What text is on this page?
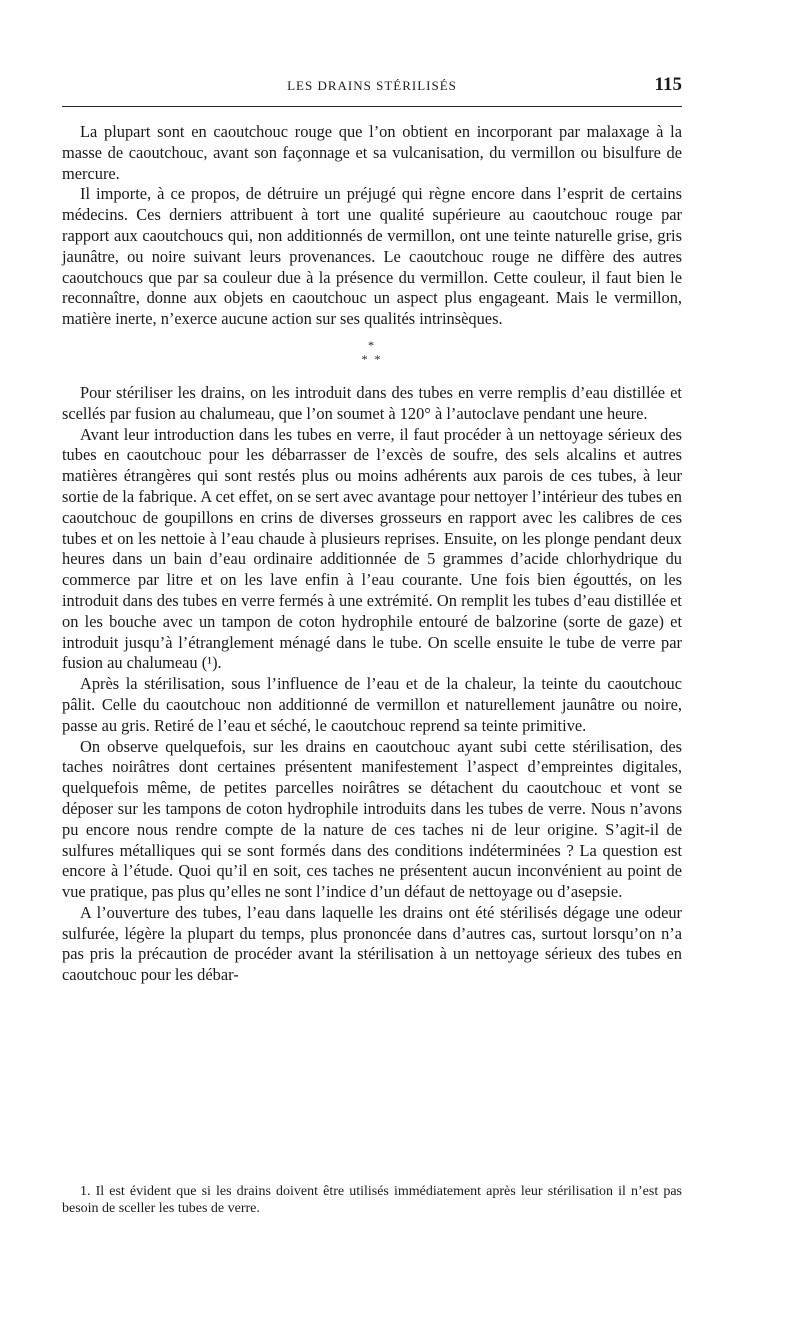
LES DRAINS STÉRILISÉS	115

La plupart sont en caoutchouc rouge que l’on obtient en incorporant par malaxage à la masse de caoutchouc, avant son façonnage et sa vulcanisation, du vermillon ou bisulfure de mercure.

Il importe, à ce propos, de détruire un préjugé qui règne encore dans l’esprit de certains médecins. Ces derniers attribuent à tort une qualité supérieure au caoutchouc rouge par rapport aux caoutchoucs qui, non additionnés de vermillon, ont une teinte naturelle grise, gris jaunâtre, ou noire suivant leurs provenances. Le caoutchouc rouge ne diffère des autres caoutchoucs que par sa couleur due à la présence du vermillon. Cette couleur, il faut bien le reconnaître, donne aux objets en caoutchouc un aspect plus engageant. Mais le vermillon, matière inerte, n’exerce aucune action sur ses qualités intrinsèques.

*
* *

Pour stériliser les drains, on les introduit dans des tubes en verre remplis d’eau distillée et scellés par fusion au chalumeau, que l’on soumet à 120° à l’autoclave pendant une heure.

Avant leur introduction dans les tubes en verre, il faut procéder à un nettoyage sérieux des tubes en caoutchouc pour les débarrasser de l’excès de soufre, des sels alcalins et autres matières étrangères qui sont restés plus ou moins adhérents aux parois de ces tubes, à leur sortie de la fabrique. A cet effet, on se sert avec avantage pour nettoyer l’intérieur des tubes en caoutchouc de goupillons en crins de diverses grosseurs en rapport avec les calibres de ces tubes et on les nettoie à l’eau chaude à plusieurs reprises. Ensuite, on les plonge pendant deux heures dans un bain d’eau ordinaire additionnée de 5 grammes d’acide chlorhydrique du commerce par litre et on les lave enfin à l’eau courante. Une fois bien égouttés, on les introduit dans des tubes en verre fermés à une extrémité. On remplit les tubes d’eau distillée et on les bouche avec un tampon de coton hydrophile entouré de balzorine (sorte de gaze) et introduit jusqu’à l’étranglement ménagé dans le tube. On scelle ensuite le tube de verre par fusion au chalumeau (¹).

Après la stérilisation, sous l’influence de l’eau et de la chaleur, la teinte du caoutchouc pâlit. Celle du caoutchouc non additionné de vermillon et naturellement jaunâtre ou noire, passe au gris. Retiré de l’eau et séché, le caoutchouc reprend sa teinte primitive.

On observe quelquefois, sur les drains en caoutchouc ayant subi cette stérilisation, des taches noirâtres dont certaines présentent manifestement l’aspect d’empreintes digitales, quelquefois même, de petites parcelles noirâtres se détachent du caoutchouc et vont se déposer sur les tampons de coton hydrophile introduits dans les tubes de verre. Nous n’avons pu encore nous rendre compte de la nature de ces taches ni de leur origine. S’agit-il de sulfures métalliques qui se sont formés dans des conditions indéterminées ? La question est encore à l’étude. Quoi qu’il en soit, ces taches ne présentent aucun inconvénient au point de vue pratique, pas plus qu’elles ne sont l’indice d’un défaut de nettoyage ou d’asepsie.

A l’ouverture des tubes, l’eau dans laquelle les drains ont été stérilisés dégage une odeur sulfurée, légère la plupart du temps, plus prononcée dans d’autres cas, surtout lorsqu’on n’a pas pris la précaution de procéder avant la stérilisation à un nettoyage sérieux des tubes en caoutchouc pour les débar-

1. Il est évident que si les drains doivent être utilisés immédiatement après leur stérilisation il n’est pas besoin de sceller les tubes de verre.
